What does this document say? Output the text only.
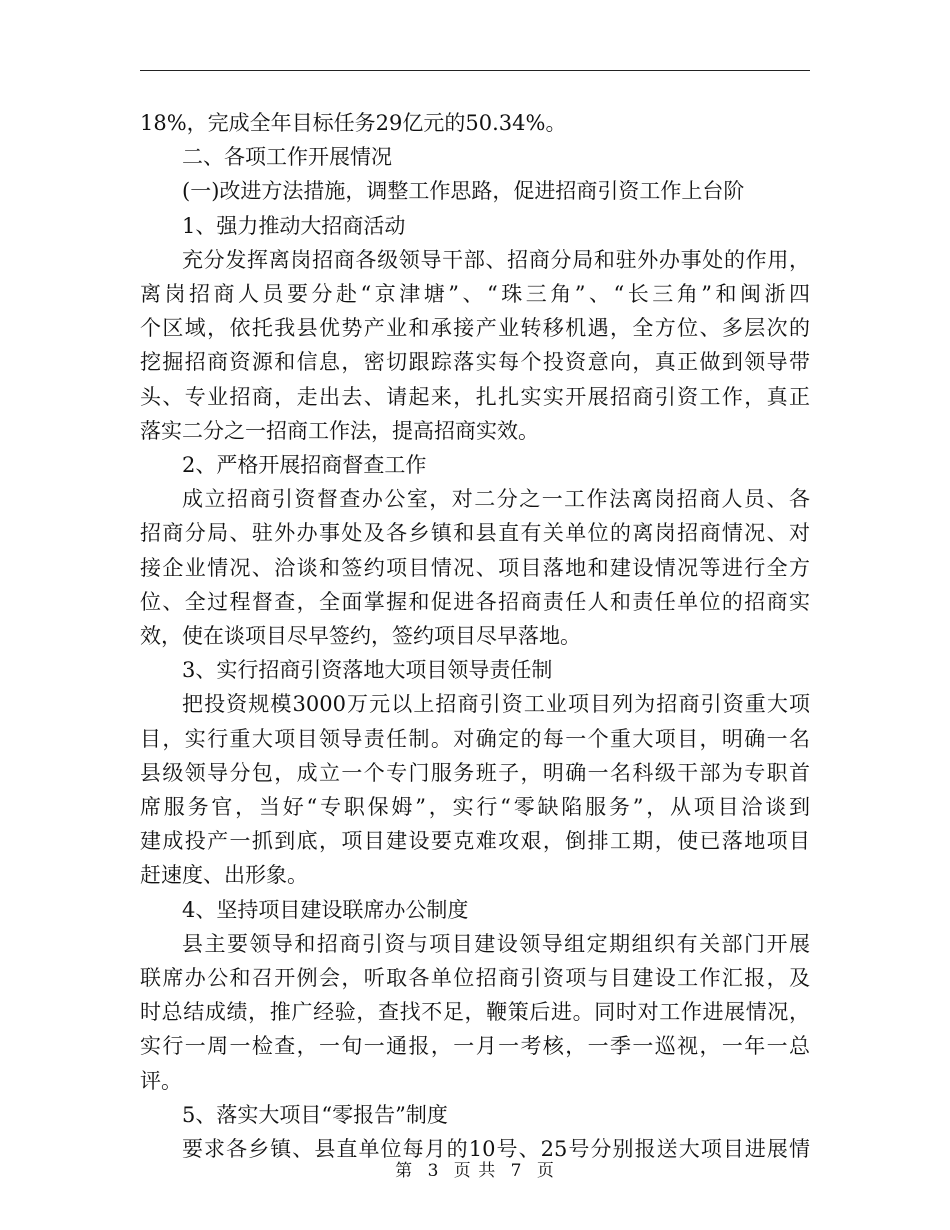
18%，完成全年目标任务29亿元的50.34%。
二、各项工作开展情况
(一)改进方法措施，调整工作思路，促进招商引资工作上台阶
1、强力推动大招商活动
充分发挥离岗招商各级领导干部、招商分局和驻外办事处的作用，
离岗招商人员要分赴“京津塘”、“珠三角”、“长三角”和闽浙四
个区域，依托我县优势产业和承接产业转移机遇，全方位、多层次的
挖掘招商资源和信息，密切跟踪落实每个投资意向，真正做到领导带
头、专业招商，走出去、请起来，扎扎实实开展招商引资工作，真正
落实二分之一招商工作法，提高招商实效。
2、严格开展招商督查工作
成立招商引资督查办公室，对二分之一工作法离岗招商人员、各
招商分局、驻外办事处及各乡镇和县直有关单位的离岗招商情况、对
接企业情况、洽谈和签约项目情况、项目落地和建设情况等进行全方
位、全过程督查，全面掌握和促进各招商责任人和责任单位的招商实
效，使在谈项目尽早签约，签约项目尽早落地。
3、实行招商引资落地大项目领导责任制
把投资规模3000万元以上招商引资工业项目列为招商引资重大项
目，实行重大项目领导责任制。对确定的每一个重大项目，明确一名
县级领导分包，成立一个专门服务班子，明确一名科级干部为专职首
席服务官，当好“专职保姆”，实行“零缺陷服务”，从项目洽谈到
建成投产一抓到底，项目建设要克难攻艰，倒排工期，使已落地项目
赶速度、出形象。
4、坚持项目建设联席办公制度
县主要领导和招商引资与项目建设领导组定期组织有关部门开展
联席办公和召开例会，听取各单位招商引资项与目建设工作汇报，及
时总结成绩，推广经验，查找不足，鞭策后进。同时对工作进展情况，
实行一周一检查，一旬一通报，一月一考核，一季一巡视，一年一总
评。
5、落实大项目“零报告”制度
要求各乡镇、县直单位每月的10号、25号分别报送大项目进展情
第 3 页 共 7 页
